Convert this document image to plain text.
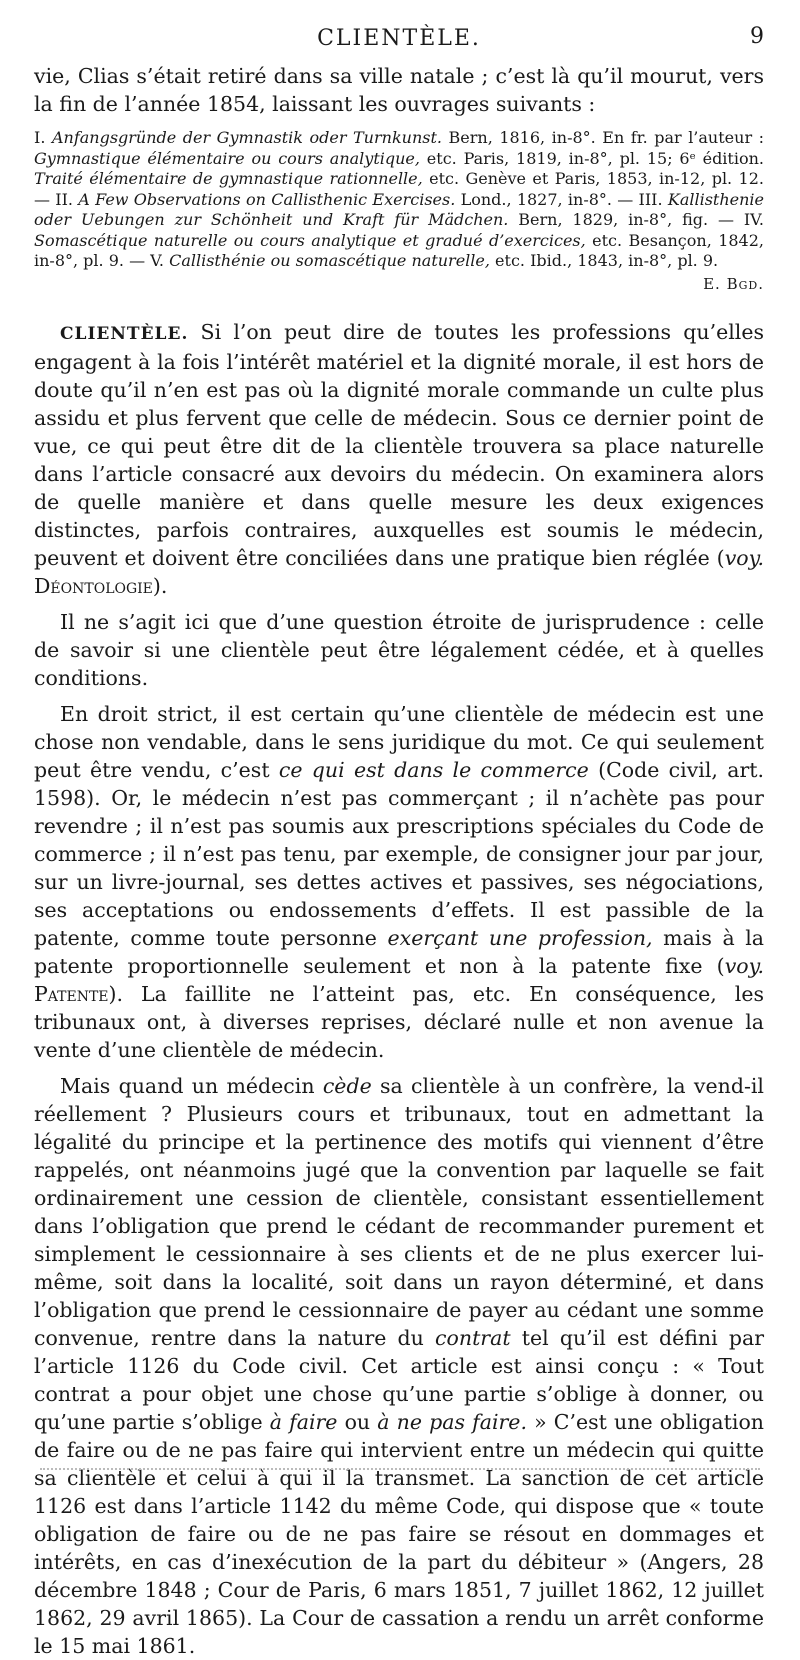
CLIENTÈLE.	9

vie, Clias s’était retiré dans sa ville natale ; c’est là qu’il mourut, vers la fin de l’année 1854, laissant les ouvrages suivants :

I. Anfangsgründe der Gymnastik oder Turnkunst. Bern, 1816, in-8°. En fr. par l’auteur : Gymnastique élémentaire ou cours analytique, etc. Paris, 1819, in-8°, pl. 15; 6ᵉ édition. Traité élémentaire de gymnastique rationnelle, etc. Genève et Paris, 1853, in-12, pl. 12. — II. A Few Observations on Callisthenic Exercises. Lond., 1827, in-8°. — III. Kallisthenie oder Uebungen zur Schönheit und Kraft für Mädchen. Bern, 1829, in-8°, fig. — IV. Somascétique naturelle ou cours analytique et gradué d’exercices, etc. Besançon, 1842, in-8°, pl. 9. — V. Callisthénie ou somascétique naturelle, etc. Ibid., 1843, in-8°, pl. 9.

E. Bgd.

CLIENTÈLE. Si l’on peut dire de toutes les professions qu’elles engagent à la fois l’intérêt matériel et la dignité morale, il est hors de doute qu’il n’en est pas où la dignité morale commande un culte plus assidu et plus fervent que celle de médecin. Sous ce dernier point de vue, ce qui peut être dit de la clientèle trouvera sa place naturelle dans l’article consacré aux devoirs du médecin. On examinera alors de quelle manière et dans quelle mesure les deux exigences distinctes, parfois contraires, auxquelles est soumis le médecin, peuvent et doivent être conciliées dans une pratique bien réglée (voy. Déontologie).

Il ne s’agit ici que d’une question étroite de jurisprudence : celle de savoir si une clientèle peut être légalement cédée, et à quelles conditions.

En droit strict, il est certain qu’une clientèle de médecin est une chose non vendable, dans le sens juridique du mot. Ce qui seulement peut être vendu, c’est ce qui est dans le commerce (Code civil, art. 1598). Or, le médecin n’est pas commerçant ; il n’achète pas pour revendre ; il n’est pas soumis aux prescriptions spéciales du Code de commerce ; il n’est pas tenu, par exemple, de consigner jour par jour, sur un livre-journal, ses dettes actives et passives, ses négociations, ses acceptations ou endossements d’effets. Il est passible de la patente, comme toute personne exerçant une profession, mais à la patente proportionnelle seulement et non à la patente fixe (voy. Patente). La faillite ne l’atteint pas, etc. En conséquence, les tribunaux ont, à diverses reprises, déclaré nulle et non avenue la vente d’une clientèle de médecin.

Mais quand un médecin cède sa clientèle à un confrère, la vend-il réellement ? Plusieurs cours et tribunaux, tout en admettant la légalité du principe et la pertinence des motifs qui viennent d’être rappelés, ont néanmoins jugé que la convention par laquelle se fait ordinairement une cession de clientèle, consistant essentiellement dans l’obligation que prend le cédant de recommander purement et simplement le cessionnaire à ses clients et de ne plus exercer lui-même, soit dans la localité, soit dans un rayon déterminé, et dans l’obligation que prend le cessionnaire de payer au cédant une somme convenue, rentre dans la nature du contrat tel qu’il est défini par l’article 1126 du Code civil. Cet article est ainsi conçu : « Tout contrat a pour objet une chose qu’une partie s’oblige à donner, ou qu’une partie s’oblige à faire ou à ne pas faire. » C’est une obligation de faire ou de ne pas faire qui intervient entre un médecin qui quitte sa clientèle et celui à qui il la transmet. La sanction de cet article 1126 est dans l’article 1142 du même Code, qui dispose que « toute obligation de faire ou de ne pas faire se résout en dommages et intérêts, en cas d’inexécution de la part du débiteur » (Angers, 28 décembre 1848 ; Cour de Paris, 6 mars 1851, 7 juillet 1862, 12 juillet 1862, 29 avril 1865). La Cour de cassation a rendu un arrêt conforme le 15 mai 1861.
